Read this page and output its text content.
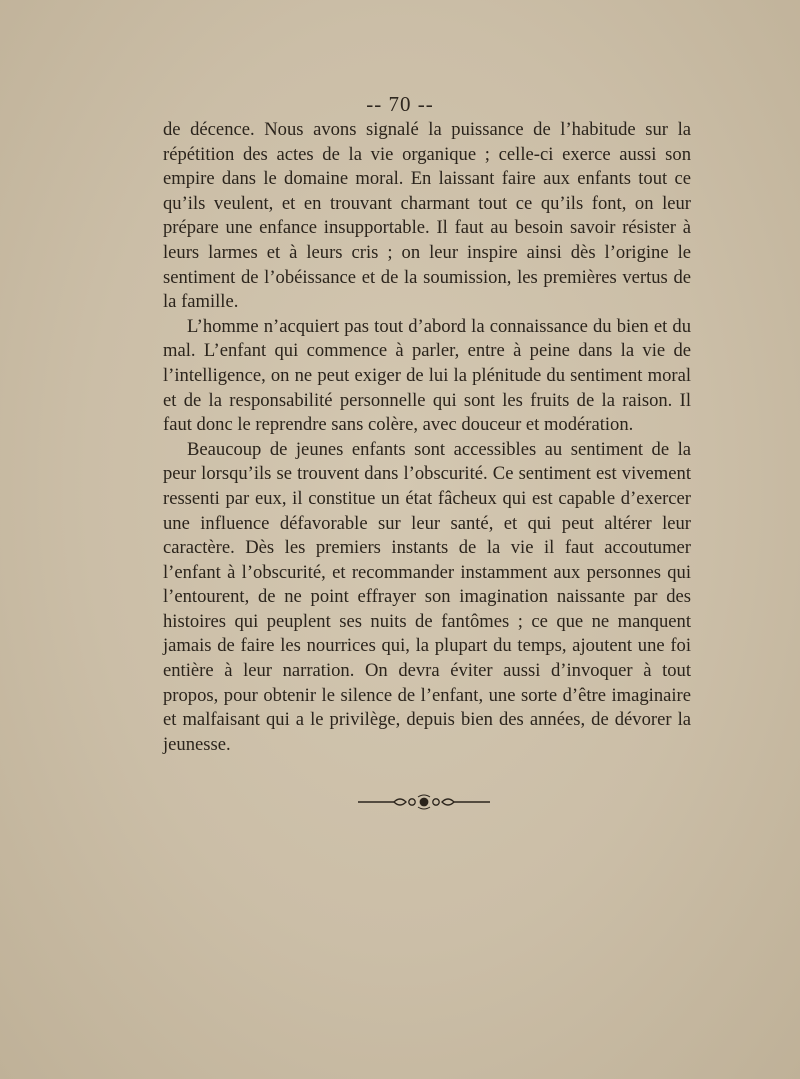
-- 70 --

de décence. Nous avons signalé la puissance de l’habitude sur la répétition des actes de la vie organique ; celle-ci exerce aussi son empire dans le domaine moral. En laissant faire aux enfants tout ce qu’ils veulent, et en trouvant charmant tout ce qu’ils font, on leur prépare une enfance insupportable. Il faut au besoin savoir résister à leurs larmes et à leurs cris ; on leur inspire ainsi dès l’origine le sentiment de l’obéissance et de la soumission, les premières vertus de la famille.

L’homme n’acquiert pas tout d’abord la connaissance du bien et du mal. L’enfant qui commence à parler, entre à peine dans la vie de l’intelligence, on ne peut exiger de lui la plénitude du sentiment moral et de la responsabilité personnelle qui sont les fruits de la raison. Il faut donc le reprendre sans colère, avec douceur et modération.

Beaucoup de jeunes enfants sont accessibles au sentiment de la peur lorsqu’ils se trouvent dans l’obscurité. Ce sentiment est vivement ressenti par eux, il constitue un état fâcheux qui est capable d’exercer une influence défavorable sur leur santé, et qui peut altérer leur caractère. Dès les premiers instants de la vie il faut accoutumer l’enfant à l’obscurité, et recommander instamment aux personnes qui l’entourent, de ne point effrayer son imagination naissante par des histoires qui peuplent ses nuits de fantômes ; ce que ne manquent jamais de faire les nourrices qui, la plupart du temps, ajoutent une foi entière à leur narration. On devra éviter aussi d’invoquer à tout propos, pour obtenir le silence de l’enfant, une sorte d’être imaginaire et malfaisant qui a le privilège, depuis bien des années, de dévorer la jeunesse.
